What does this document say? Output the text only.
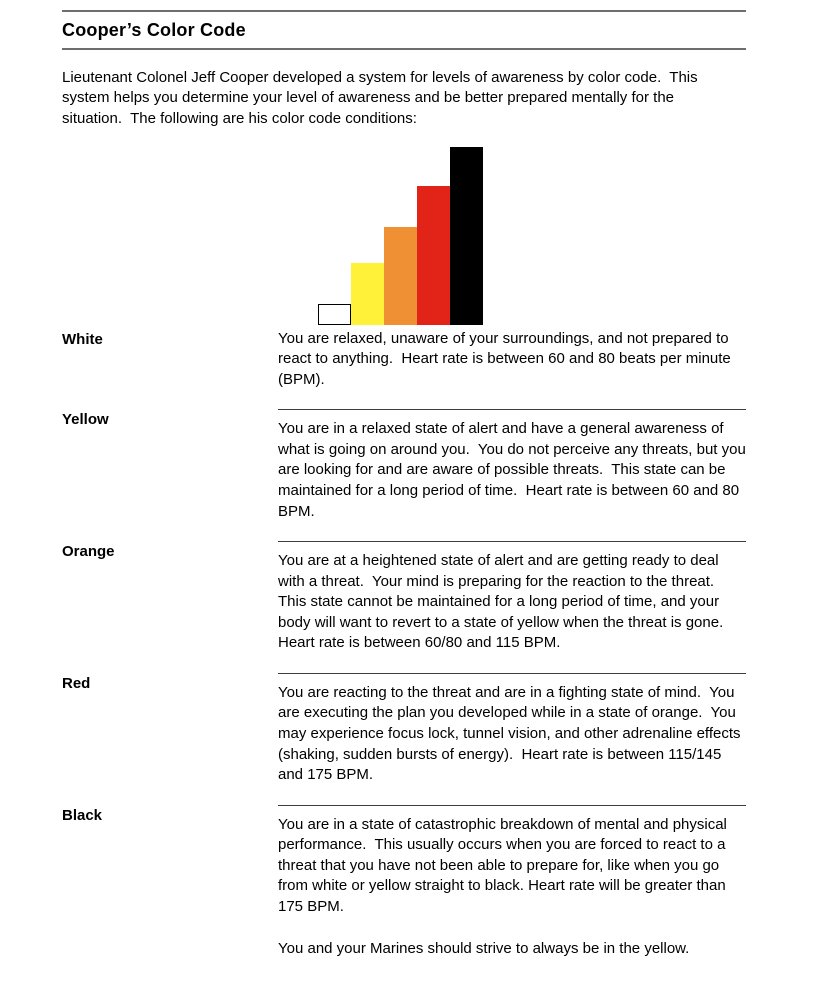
Cooper’s Color Code

Lieutenant Colonel Jeff Cooper developed a system for levels of awareness by color code.  This system helps you determine your level of awareness and be better prepared mentally for the situation.  The following are his color code conditions:

White	You are relaxed, unaware of your surroundings, and not prepared to react to anything.  Heart rate is between 60 and 80 beats per minute (BPM).
Yellow
You are in a relaxed state of alert and have a general awareness of what is going on around you.  You do not perceive any threats, but you are looking for and are aware of possible threats.  This state can be maintained for a long period of time.  Heart rate is between 60 and 80 BPM.
Orange
You are at a heightened state of alert and are getting ready to deal with a threat.  Your mind is preparing for the reaction to the threat.  This state cannot be maintained for a long period of time, and your body will want to revert to a state of yellow when the threat is gone.  Heart rate is between 60/80 and 115 BPM.
Red
You are reacting to the threat and are in a fighting state of mind.  You are executing the plan you developed while in a state of orange.  You may experience focus lock, tunnel vision, and other adrenaline effects (shaking, sudden bursts of energy).  Heart rate is between 115/145 and 175 BPM.
Black
You are in a state of catastrophic breakdown of mental and physical performance.  This usually occurs when you are forced to react to a threat that you have not been able to prepare for, like when you go from white or yellow straight to black. Heart rate will be greater than 175 BPM.
You and your Marines should strive to always be in the yellow.
